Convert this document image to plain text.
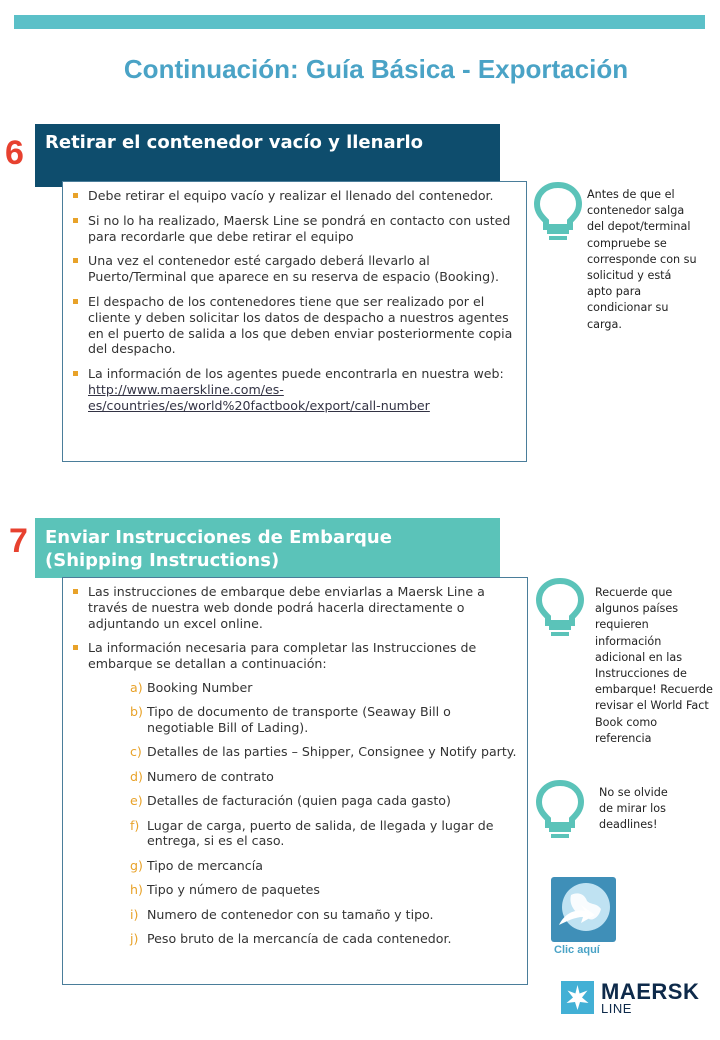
Continuación: Guía Básica - Exportación
6	Retirar el contenedor vacío y llenarlo
Debe retirar el equipo vacío y realizar el llenado del contenedor.
Si no lo ha realizado, Maersk Line se pondrá en contacto con usted para recordarle que debe retirar el equipo
Una vez el contenedor esté cargado deberá llevarlo al Puerto/Terminal que aparece en su reserva de espacio (Booking).
El despacho de los contenedores tiene que ser realizado por el cliente y deben solicitar los datos de despacho a nuestros agentes en el puerto de salida a los que deben enviar posteriormente copia del despacho.
La información de los agentes puede encontrarla en nuestra web: http://www.maerskline.com/es-es/countries/es/world%20factbook/export/call-number
Antes de que el contenedor salga del depot/terminal compruebe se corresponde con su solicitud y está apto para condicionar su carga.
7 Enviar Instrucciones de Embarque (Shipping Instructions)
Las instrucciones de embarque debe enviarlas a Maersk Line a través de nuestra web donde podrá hacerla directamente o adjuntando un excel online.
La información necesaria para completar las Instrucciones de embarque se detallan a continuación:
a) Booking Number
b) Tipo de documento de transporte (Seaway Bill o negotiable Bill of Lading).
c) Detalles de las parties – Shipper, Consignee y Notify party.
d) Numero de contrato
e) Detalles de facturación (quien paga cada gasto)
f) Lugar de carga, puerto de salida, de llegada y lugar de entrega, si es el caso.
g) Tipo de mercancía
h) Tipo y número de paquetes
i) Numero de contenedor con su tamaño y tipo.
j) Peso bruto de la mercancía de cada contenedor.
Recuerde que algunos países requieren información adicional en las Instrucciones de embarque! Recuerde revisar el World Fact Book como referencia
No se olvide de mirar los deadlines!
Clic aquí
MAERSK
LINE
